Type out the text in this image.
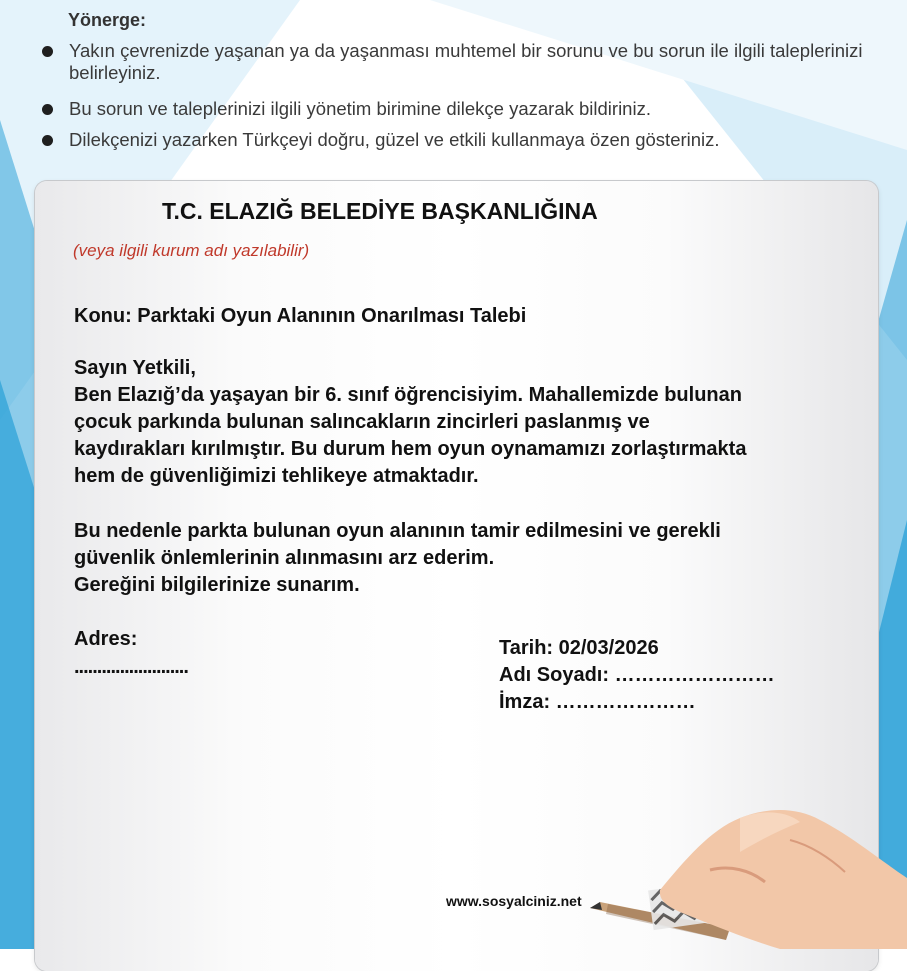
Yönerge:
Yakın çevrenizde yaşanan ya da yaşanması muhtemel bir sorunu ve bu sorun ile ilgili taleplerinizi belirleyiniz.
Bu sorun ve taleplerinizi ilgili yönetim birimine dilekçe yazarak bildiriniz.
Dilekçenizi yazarken Türkçeyi doğru, güzel ve etkili kullanmaya özen gösteriniz.
T.C. ELAZIĞ BELEDİYE BAŞKANLIĞINA
(veya ilgili kurum adı yazılabilir)
Konu: Parktaki Oyun Alanının Onarılması Talebi
Sayın Yetkili,
Ben Elazığ’da yaşayan bir 6. sınıf öğrencisiyim. Mahallemizde bulunan
çocuk parkında bulunan salıncakların zincirleri paslanmış ve
kaydırakları kırılmıştır. Bu durum hem oyun oynamamızı zorlaştırmakta
hem de güvenliğimizi tehlikeye atmaktadır.
Bu nedenle parkta bulunan oyun alanının tamir edilmesini ve gerekli
güvenlik önlemlerinin alınmasını arz ederim.
Gereğini bilgilerinize sunarım.
Adres:
.........................
Tarih: 02/03/2026
Adı Soyadı: ……………………
İmza: …………………
www.sosyalciniz.net
